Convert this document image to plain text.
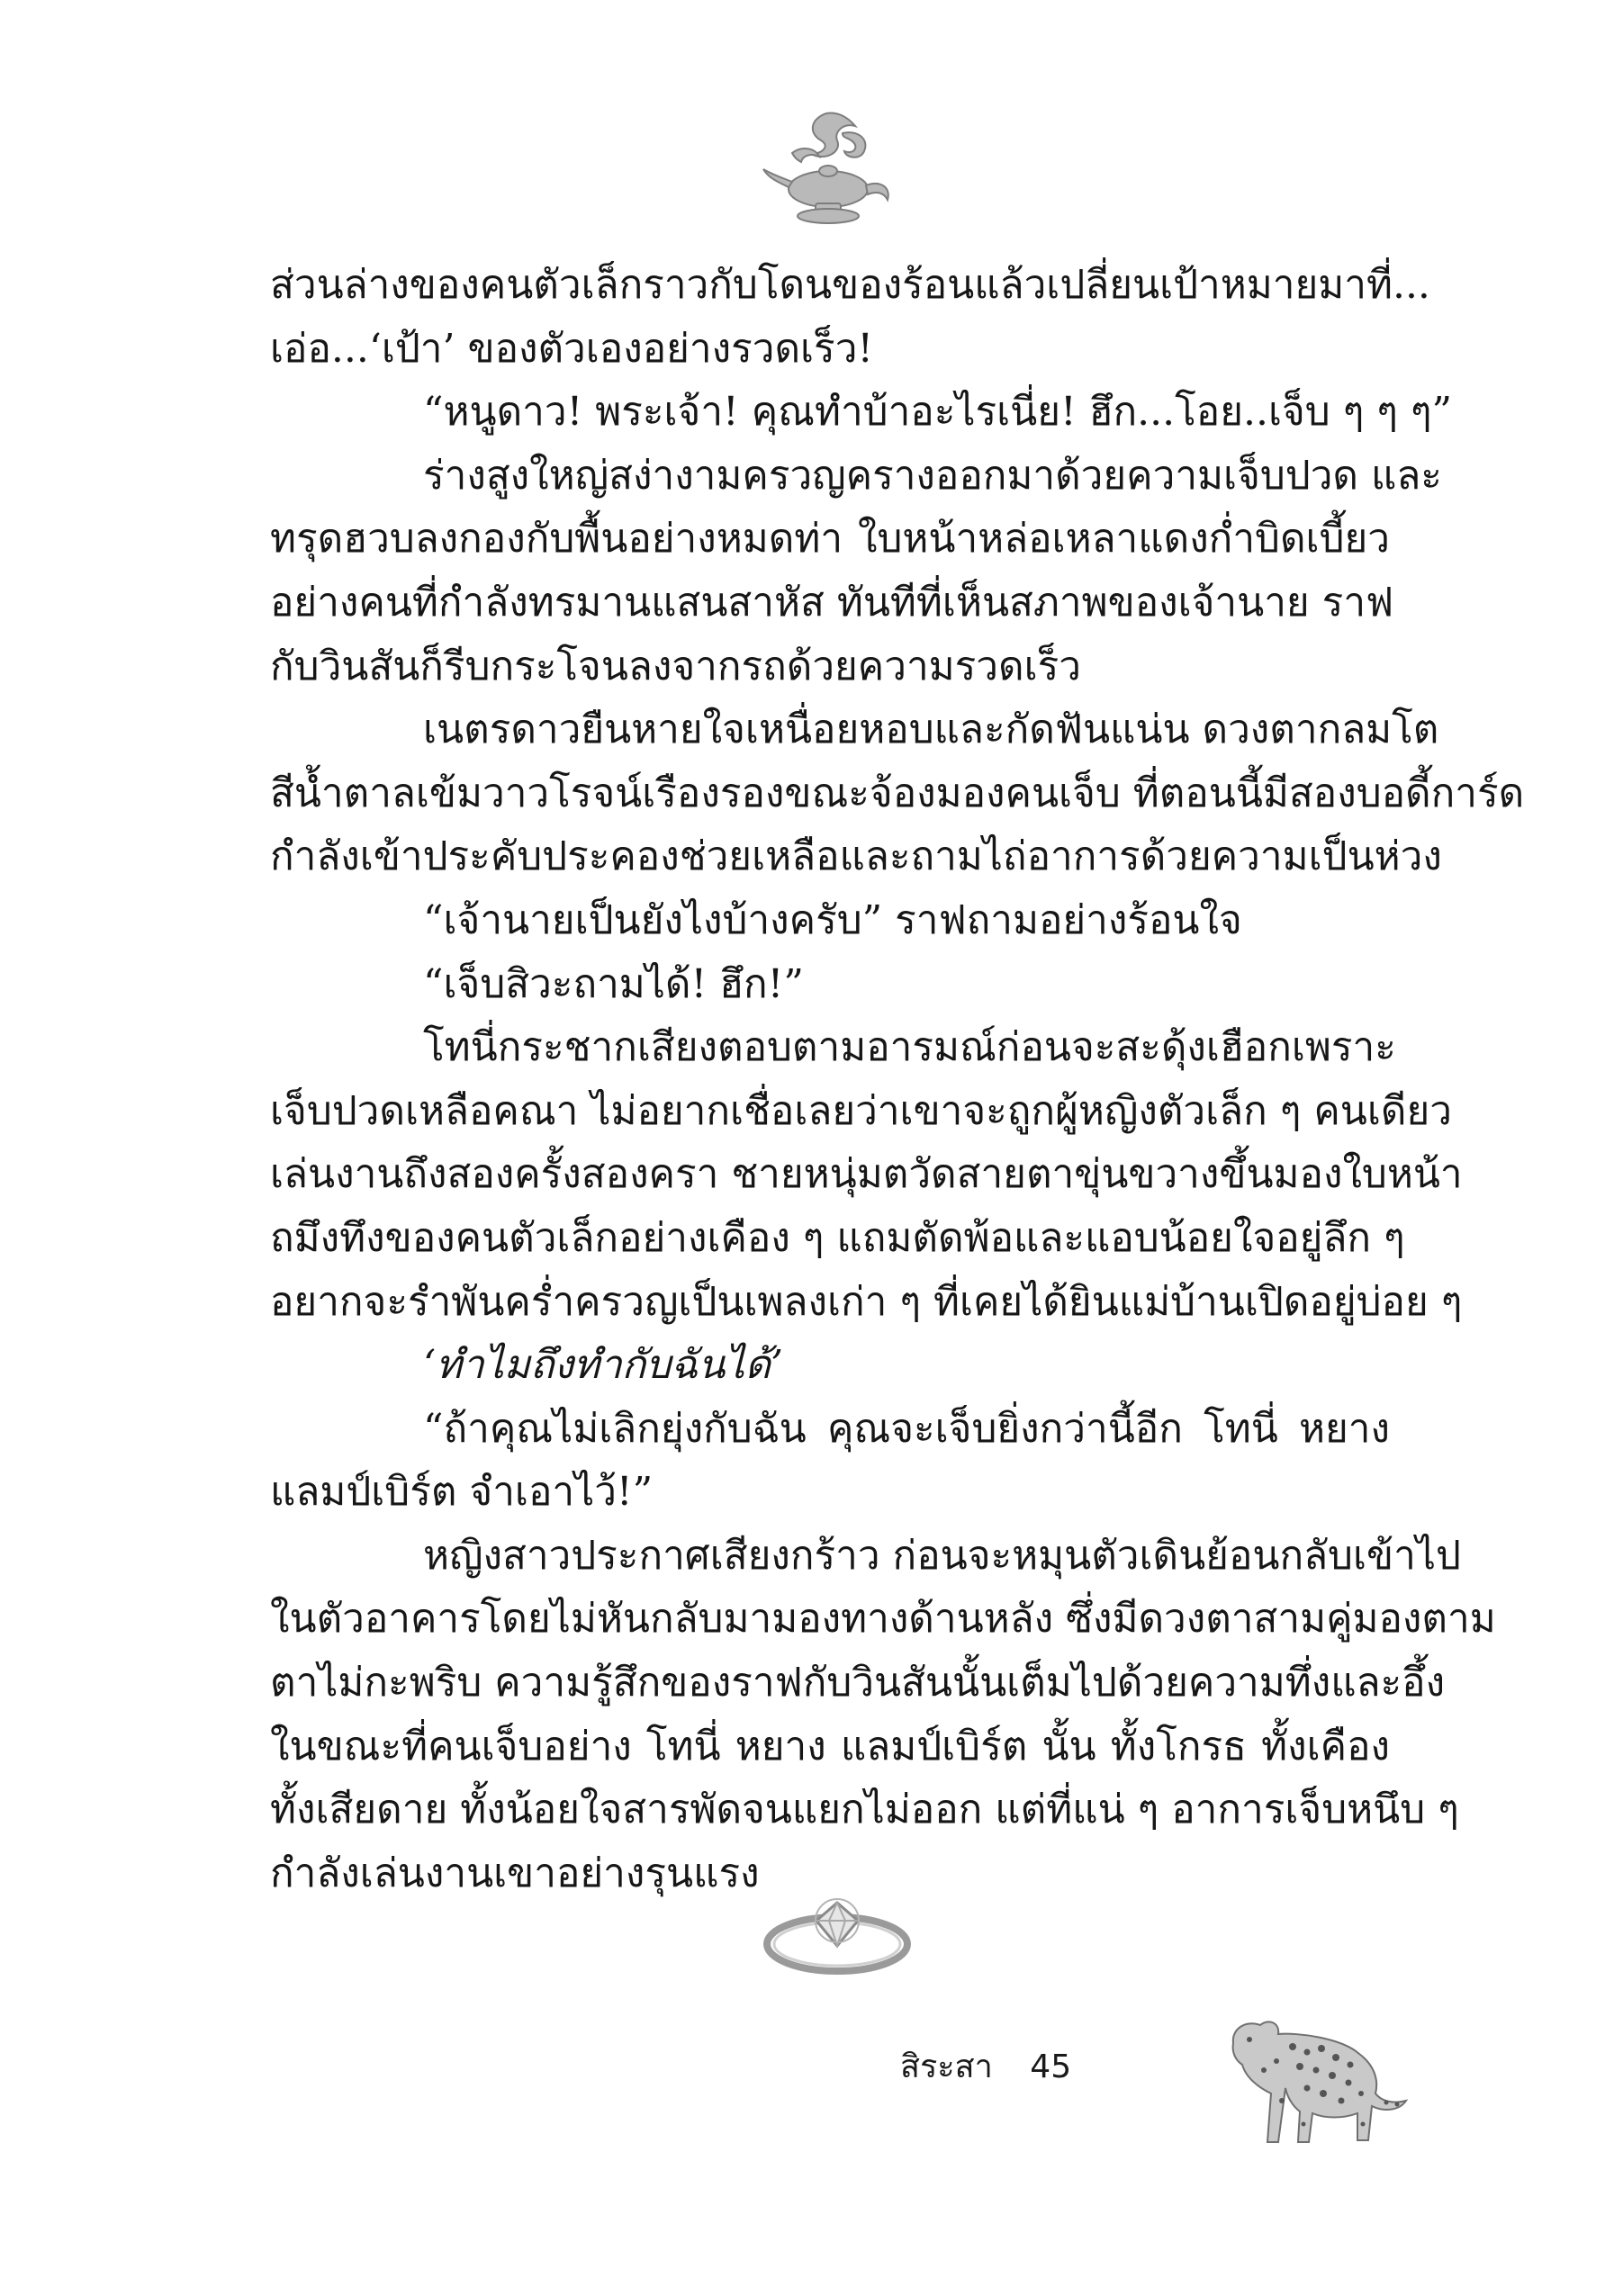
ส่วนล่างของคนตัวเล็กราวกับโดนของร้อนแล้วเปลี่ยนเป้าหมายมาที่...
เอ่อ...‘เป้า’ ของตัวเองอย่างรวดเร็ว!
“หนูดาว! พระเจ้า! คุณทำบ้าอะไรเนี่ย! ฮึก...โอย..เจ็บ ๆ ๆ ๆ”
ร่างสูงใหญ่สง่างามครวญครางออกมาด้วยความเจ็บปวด และ
ทรุดฮวบลงกองกับพื้นอย่างหมดท่า ใบหน้าหล่อเหลาแดงก่ำบิดเบี้ยว
อย่างคนที่กำลังทรมานแสนสาหัส ทันทีที่เห็นสภาพของเจ้านาย ราฟ
กับวินสันก็รีบกระโจนลงจากรถด้วยความรวดเร็ว
เนตรดาวยืนหายใจเหนื่อยหอบและกัดฟันแน่น ดวงตากลมโต
สีน้ำตาลเข้มวาวโรจน์เรืองรองขณะจ้องมองคนเจ็บ ที่ตอนนี้มีสองบอดี้การ์ด
กำลังเข้าประคับประคองช่วยเหลือและถามไถ่อาการด้วยความเป็นห่วง
“เจ้านายเป็นยังไงบ้างครับ” ราฟถามอย่างร้อนใจ
“เจ็บสิวะถามได้! ฮึก!”
โทนี่กระชากเสียงตอบตามอารมณ์ก่อนจะสะดุ้งเฮือกเพราะ
เจ็บปวดเหลือคณา ไม่อยากเชื่อเลยว่าเขาจะถูกผู้หญิงตัวเล็ก ๆ คนเดียว
เล่นงานถึงสองครั้งสองครา ชายหนุ่มตวัดสายตาขุ่นขวางขึ้นมองใบหน้า
ถมึงทึงของคนตัวเล็กอย่างเคือง ๆ แถมตัดพ้อและแอบน้อยใจอยู่ลึก ๆ
อยากจะรำพันคร่ำครวญเป็นเพลงเก่า ๆ ที่เคยได้ยินแม่บ้านเปิดอยู่บ่อย ๆ
‘ทำไมถึงทำกับฉันได้’
“ถ้าคุณไม่เลิกยุ่งกับฉัน คุณจะเจ็บยิ่งกว่านี้อีก โทนี่ หยาง
แลมป์เบิร์ต จำเอาไว้!”
หญิงสาวประกาศเสียงกร้าว ก่อนจะหมุนตัวเดินย้อนกลับเข้าไป
ในตัวอาคารโดยไม่หันกลับมามองทางด้านหลัง ซึ่งมีดวงตาสามคู่มองตาม
ตาไม่กะพริบ ความรู้สึกของราฟกับวินสันนั้นเต็มไปด้วยความทึ่งและอึ้ง
ในขณะที่คนเจ็บอย่าง โทนี่ หยาง แลมป์เบิร์ต นั้น ทั้งโกรธ ทั้งเคือง
ทั้งเสียดาย ทั้งน้อยใจสารพัดจนแยกไม่ออก แต่ที่แน่ ๆ อาการเจ็บหนึบ ๆ
กำลังเล่นงานเขาอย่างรุนแรง
สิระสา 45
